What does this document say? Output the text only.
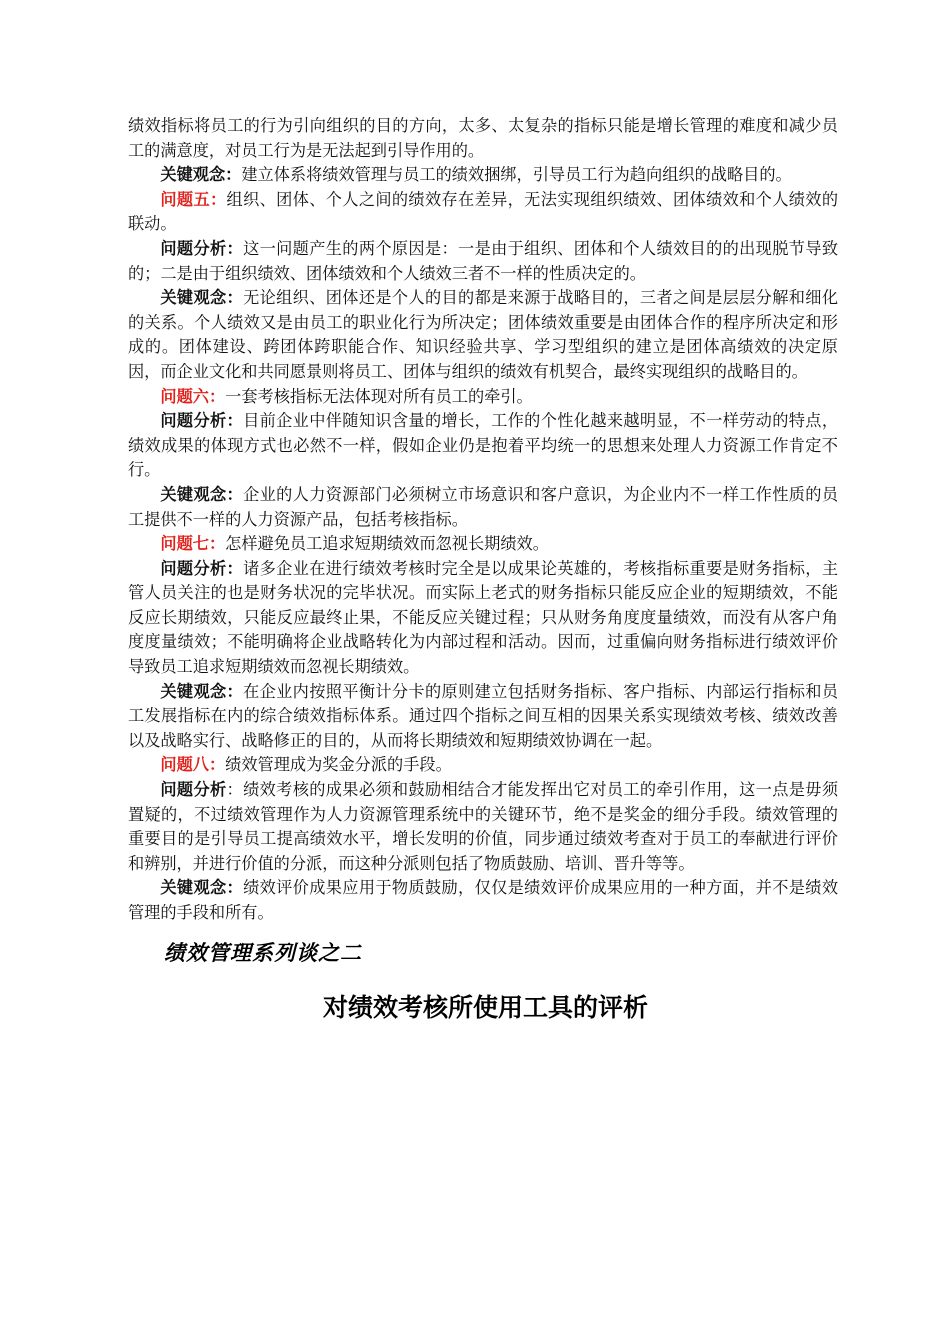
绩效指标将员工的行为引向组织的目的方向，太多、太复杂的指标只能是增长管理的难度和减少员工的满意度，对员工行为是无法起到引导作用的。

关键观念：建立体系将绩效管理与员工的绩效捆绑，引导员工行为趋向组织的战略目的。

问题五：组织、团体、个人之间的绩效存在差异，无法实现组织绩效、团体绩效和个人绩效的联动。

问题分析：这一问题产生的两个原因是：一是由于组织、团体和个人绩效目的的出现脱节导致的；二是由于组织绩效、团体绩效和个人绩效三者不一样的性质决定的。

关键观念：无论组织、团体还是个人的目的都是来源于战略目的，三者之间是层层分解和细化的关系。个人绩效又是由员工的职业化行为所决定；团体绩效重要是由团体合作的程序所决定和形成的。团体建设、跨团体跨职能合作、知识经验共享、学习型组织的建立是团体高绩效的决定原因，而企业文化和共同愿景则将员工、团体与组织的绩效有机契合，最终实现组织的战略目的。

问题六：一套考核指标无法体现对所有员工的牵引。

问题分析：目前企业中伴随知识含量的增长，工作的个性化越来越明显，不一样劳动的特点，绩效成果的体现方式也必然不一样，假如企业仍是抱着平均统一的思想来处理人力资源工作肯定不行。

关键观念：企业的人力资源部门必须树立市场意识和客户意识，为企业内不一样工作性质的员工提供不一样的人力资源产品，包括考核指标。

问题七：怎样避免员工追求短期绩效而忽视长期绩效。

问题分析：诸多企业在进行绩效考核时完全是以成果论英雄的，考核指标重要是财务指标，主管人员关注的也是财务状况的完毕状况。而实际上老式的财务指标只能反应企业的短期绩效，不能反应长期绩效，只能反应最终止果，不能反应关键过程；只从财务角度度量绩效，而没有从客户角度度量绩效；不能明确将企业战略转化为内部过程和活动。因而，过重偏向财务指标进行绩效评价导致员工追求短期绩效而忽视长期绩效。

关键观念：在企业内按照平衡计分卡的原则建立包括财务指标、客户指标、内部运行指标和员工发展指标在内的综合绩效指标体系。通过四个指标之间互相的因果关系实现绩效考核、绩效改善以及战略实行、战略修正的目的，从而将长期绩效和短期绩效协调在一起。

问题八：绩效管理成为奖金分派的手段。

问题分析：绩效考核的成果必须和鼓励相结合才能发挥出它对员工的牵引作用，这一点是毋须置疑的，不过绩效管理作为人力资源管理系统中的关键环节，绝不是奖金的细分手段。绩效管理的重要目的是引导员工提高绩效水平，增长发明的价值，同步通过绩效考查对于员工的奉献进行评价和辨别，并进行价值的分派，而这种分派则包括了物质鼓励、培训、晋升等等。

关键观念：绩效评价成果应用于物质鼓励，仅仅是绩效评价成果应用的一种方面，并不是绩效管理的手段和所有。

绩效管理系列谈之二
对绩效考核所使用工具的评析
